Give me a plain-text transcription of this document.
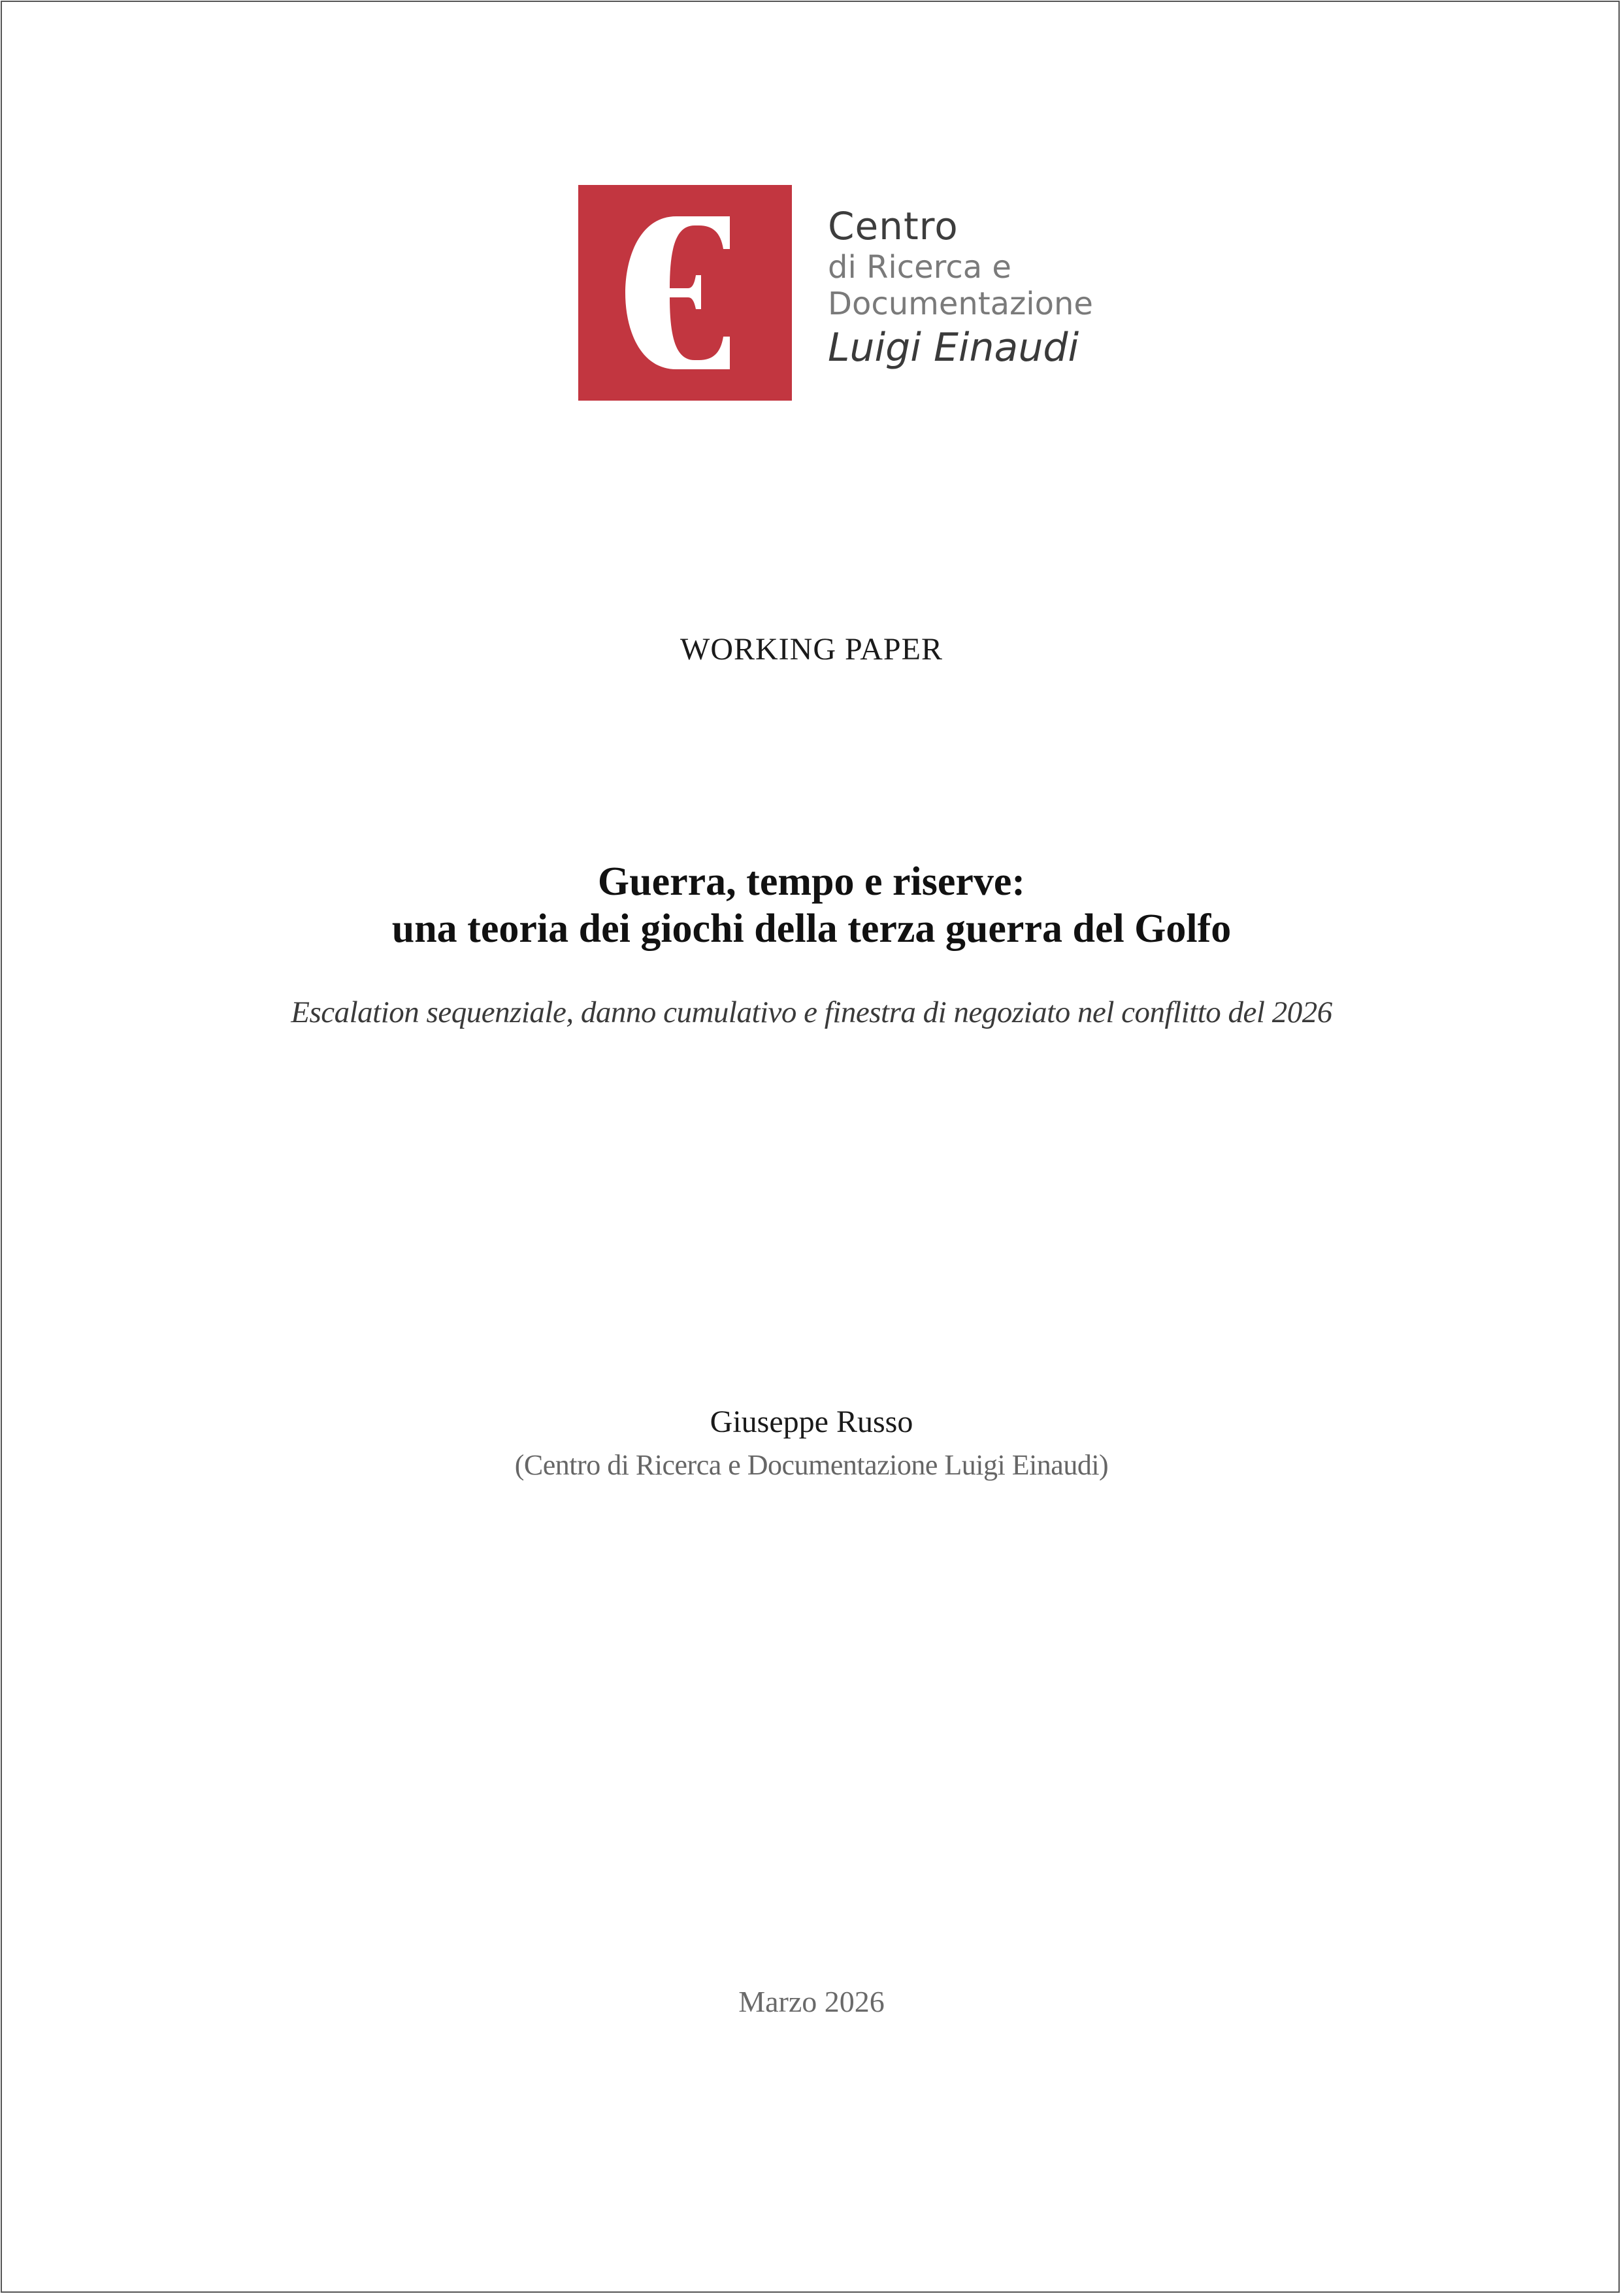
Centro
di Ricerca e
Documentazione
Luigi Einaudi
WORKING PAPER
Guerra, tempo e riserve:
una teoria dei giochi della terza guerra del Golfo
Escalation sequenziale, danno cumulativo e finestra di negoziato nel conflitto del 2026
Giuseppe Russo
(Centro di Ricerca e Documentazione Luigi Einaudi)
Marzo 2026
